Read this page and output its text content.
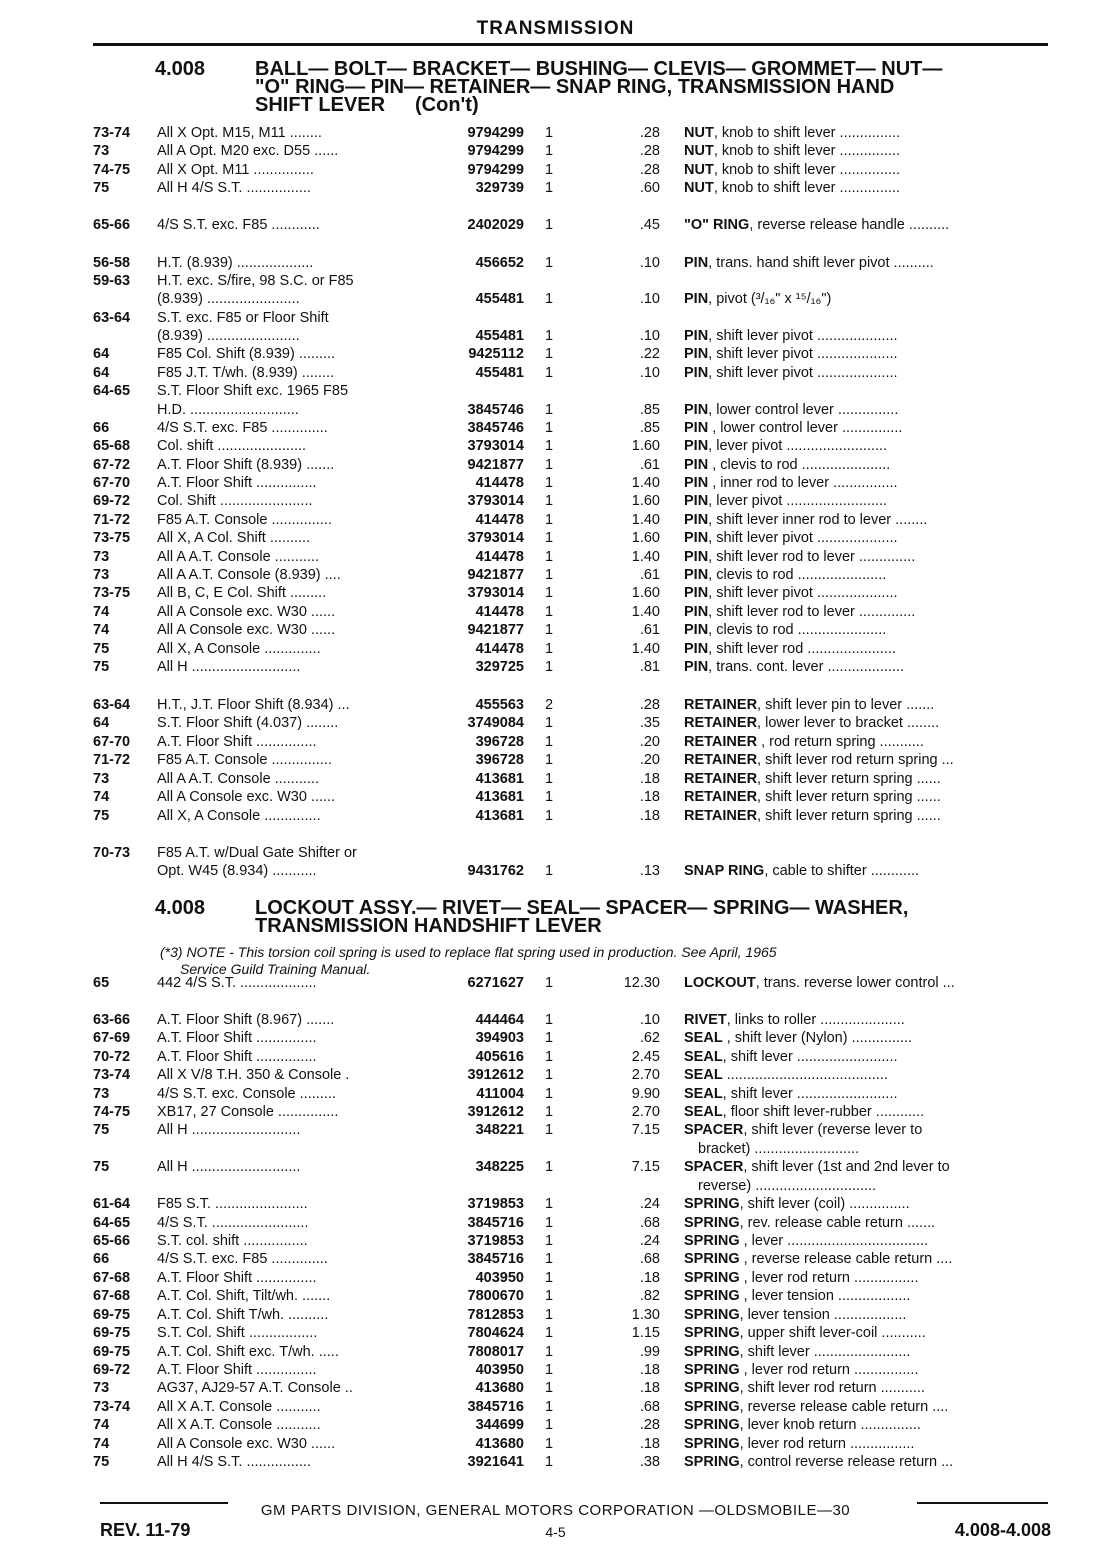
TRANSMISSION
4.008 BALL— BOLT— BRACKET— BUSHING— CLEVIS— GROMMET— NUT—
"O" RING— PIN— RETAINER— SNAP RING, TRANSMISSION HAND
SHIFT LEVER (Con't)
4.008 LOCKOUT ASSY.— RIVET— SEAL— SPACER— SPRING— WASHER,
TRANSMISSION HANDSHIFT LEVER
(*3) NOTE - This torsion coil spring is used to replace flat spring used in production. See April, 1965
Service Guild Training Manual.
73-74 All X Opt. M15, M11 ........	9794299 1	.28 NUT, knob to shift lever ...............
73	All A Opt. M20 exc. D55 ......	9794299 1	.28 NUT, knob to shift lever ...............
74-75 All X Opt. M11 ...............	9794299 1	.28 NUT, knob to shift lever ...............
75	All H 4/S S.T. ................	329739 1	.60 NUT, knob to shift lever ...............
65-66 4/S S.T. exc. F85 ............	2402029 1	.45 "O" RING, reverse release handle ..........
56-58 H.T. (8.939) ...................	456652 1	.10 PIN, trans. hand shift lever pivot ..........
59-63 H.T. exc. S/fire, 98 S.C. or F85
(8.939) .......................	455481 1	.10 PIN, pivot (³/₁₆" x ¹⁵/₁₆")
63-64 S.T. exc. F85 or Floor Shift
(8.939) .......................	455481 1	.10 PIN, shift lever pivot ....................
64	F85 Col. Shift (8.939) .........	9425112 1	.22 PIN, shift lever pivot ....................
64	F85 J.T. T/wh. (8.939) ........	455481 1	.10 PIN, shift lever pivot ....................
64-65 S.T. Floor Shift exc. 1965 F85
H.D. ...........................	3845746 1	.85 PIN, lower control lever ...............
66	4/S S.T. exc. F85 ..............	3845746 1	.85 PIN , lower control lever ...............
65-68 Col. shift ......................	3793014 1	1.60 PIN, lever pivot .........................
67-72 A.T. Floor Shift (8.939) .......	9421877 1	.61 PIN , clevis to rod ......................
67-70 A.T. Floor Shift ...............	414478 1	1.40 PIN , inner rod to lever ................
69-72 Col. Shift .......................	3793014 1	1.60 PIN, lever pivot .........................
71-72 F85 A.T. Console ...............	414478 1	1.40 PIN, shift lever inner rod to lever ........
73-75 All X, A Col. Shift ..........	3793014 1	1.60 PIN, shift lever pivot ....................
73	All A A.T. Console ...........	414478 1	1.40 PIN, shift lever rod to lever ..............
73	All A A.T. Console (8.939) ....	9421877 1	.61 PIN, clevis to rod ......................
73-75 All B, C, E Col. Shift .........	3793014 1	1.60 PIN, shift lever pivot ....................
74	All A Console exc. W30 ......	414478 1	1.40 PIN, shift lever rod to lever ..............
74	All A Console exc. W30 ......	9421877 1	.61 PIN, clevis to rod ......................
75	All X, A Console ..............	414478 1	1.40 PIN, shift lever rod ......................
75	All H ...........................	329725 1	.81 PIN, trans. cont. lever ...................
63-64 H.T., J.T. Floor Shift (8.934) ...	455563 2	.28 RETAINER, shift lever pin to lever .......
64	S.T. Floor Shift (4.037) ........	3749084 1	.35 RETAINER, lower lever to bracket ........
67-70 A.T. Floor Shift ...............	396728 1	.20 RETAINER , rod return spring ...........
71-72 F85 A.T. Console ...............	396728 1	.20 RETAINER, shift lever rod return spring ...
73	All A A.T. Console ...........	413681 1	.18 RETAINER, shift lever return spring ......
74	All A Console exc. W30 ......	413681 1	.18 RETAINER, shift lever return spring ......
75	All X, A Console ..............	413681 1	.18 RETAINER, shift lever return spring ......
70-73 F85 A.T. w/Dual Gate Shifter or
Opt. W45 (8.934) ...........	9431762 1	.13 SNAP RING, cable to shifter ............
65	442 4/S S.T. ...................	6271627 1	12.30 LOCKOUT, trans. reverse lower control ...
63-66 A.T. Floor Shift (8.967) .......	444464 1	.10 RIVET, links to roller .....................
67-69 A.T. Floor Shift ...............	394903 1	.62 SEAL , shift lever (Nylon) ...............
70-72 A.T. Floor Shift ...............	405616 1	2.45 SEAL, shift lever .........................
73-74 All X V/8 T.H. 350 & Console .	3912612 1	2.70 SEAL ........................................
73	4/S S.T. exc. Console .........	411004 1	9.90 SEAL, shift lever .........................
74-75 XB17, 27 Console ...............	3912612 1	2.70 SEAL, floor shift lever-rubber ............
75	All H ...........................	348221 1	7.15 SPACER, shift lever (reverse lever to
bracket) ..........................
75	All H ...........................	348225 1	7.15 SPACER, shift lever (1st and 2nd lever to
reverse) ..............................
61-64 F85 S.T. .......................	3719853 1	.24 SPRING, shift lever (coil) ...............
64-65 4/S S.T. ........................	3845716 1	.68 SPRING, rev. release cable return .......
65-66 S.T. col. shift ................	3719853 1	.24 SPRING , lever ...................................
66	4/S S.T. exc. F85 ..............	3845716 1	.68 SPRING , reverse release cable return ....
67-68 A.T. Floor Shift ...............	403950 1	.18 SPRING , lever rod return ................
67-68 A.T. Col. Shift, Tilt/wh. .......	7800670 1	.82 SPRING , lever tension ..................
69-75 A.T. Col. Shift T/wh. ..........	7812853 1	1.30 SPRING, lever tension ..................
69-75 S.T. Col. Shift .................	7804624 1	1.15 SPRING, upper shift lever-coil ...........
69-75 A.T. Col. Shift exc. T/wh. .....	7808017 1	.99 SPRING, shift lever ........................
69-72 A.T. Floor Shift ...............	403950 1	.18 SPRING , lever rod return ................
73	AG37, AJ29-57 A.T. Console ..	413680 1	.18 SPRING, shift lever rod return ...........
73-74 All X A.T. Console ...........	3845716 1	.68 SPRING, reverse release cable return ....
74	All X A.T. Console ...........	344699 1	.28 SPRING, lever knob return ...............
74	All A Console exc. W30 ......	413680 1	.18 SPRING, lever rod return ................
75	All H 4/S S.T. ................	3921641 1	.38 SPRING, control reverse release return ...
GM PARTS DIVISION, GENERAL MOTORS CORPORATION —OLDSMOBILE—30
REV. 11-79	4-5	4.008-4.008
